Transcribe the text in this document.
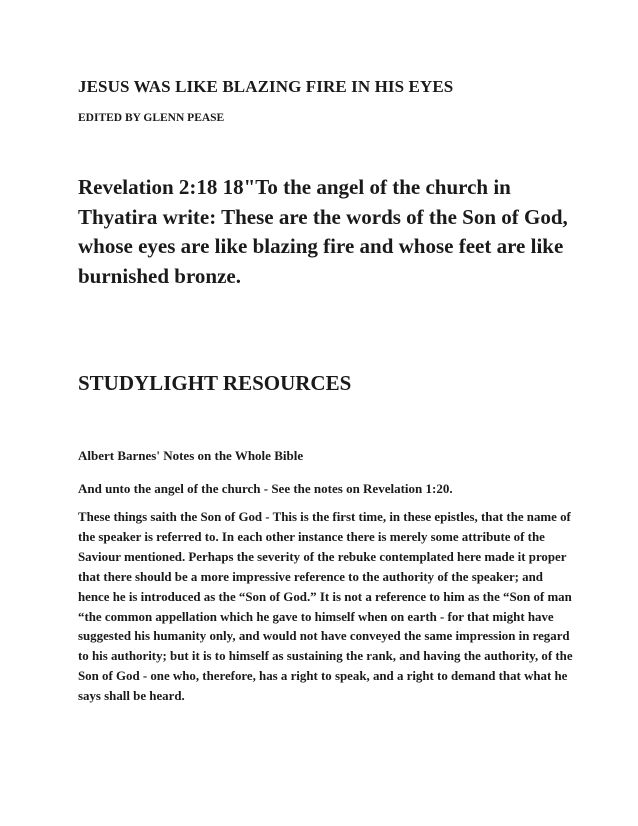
JESUS WAS LIKE BLAZING FIRE IN HIS EYES
EDITED BY GLENN PEASE
Revelation 2:18 18"To the angel of the church in Thyatira write: These are the words of the Son of God, whose eyes are like blazing fire and whose feet are like burnished bronze.
STUDYLIGHT RESOURCES
Albert Barnes' Notes on the Whole Bible
And unto the angel of the church - See the notes on Revelation 1:20.
These things saith the Son of God - This is the first time, in these epistles, that the name of the speaker is referred to. In each other instance there is merely some attribute of the Saviour mentioned. Perhaps the severity of the rebuke contemplated here made it proper that there should be a more impressive reference to the authority of the speaker; and hence he is introduced as the “Son of God.” It is not a reference to him as the “Son of man “the common appellation which he gave to himself when on earth - for that might have suggested his humanity only, and would not have conveyed the same impression in regard to his authority; but it is to himself as sustaining the rank, and having the authority, of the Son of God - one who, therefore, has a right to speak, and a right to demand that what he says shall be heard.
